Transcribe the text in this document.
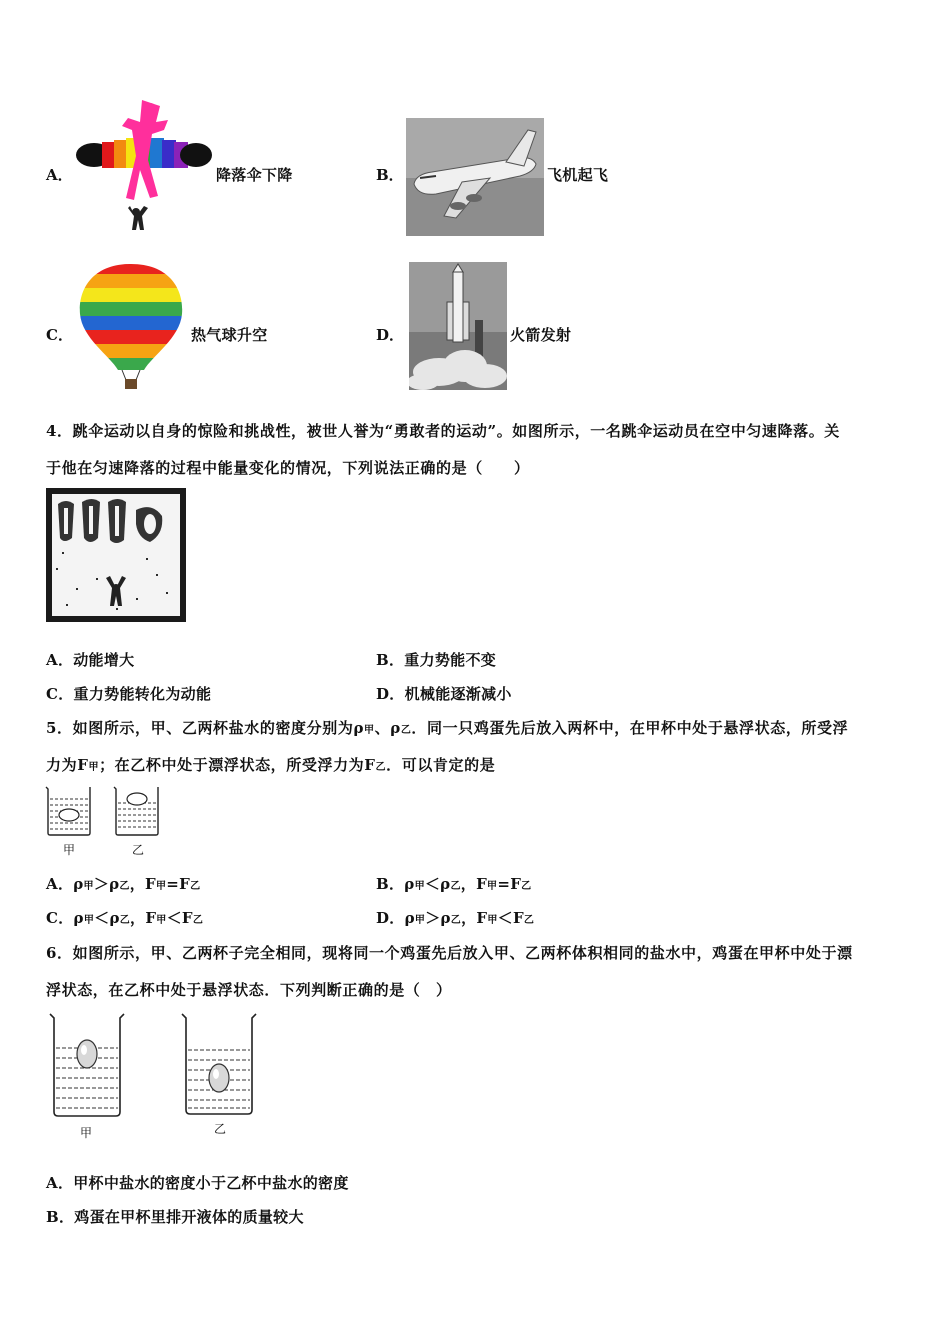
A．	降落伞下降	B．	飞机起飞
C．	热气球升空	D．	火箭发射
4．跳伞运动以自身的惊险和挑战性，被世人誉为“勇敢者的运动”。如图所示，一名跳伞运动员在空中匀速降落。关
于他在匀速降落的过程中能量变化的情况，下列说法正确的是（　　）
A．动能增大	B．重力势能不变
C．重力势能转化为动能	D．机械能逐渐减小
5．如图所示，甲、乙两杯盐水的密度分别为ρ甲、ρ乙．同一只鸡蛋先后放入两杯中，在甲杯中处于悬浮状态，所受浮
力为F甲；在乙杯中处于漂浮状态，所受浮力为F乙．可以肯定的是
甲	乙
A．ρ甲＞ρ乙，F甲=F乙	B．ρ甲＜ρ乙，F甲=F乙
C．ρ甲＜ρ乙，F甲＜F乙	D．ρ甲＞ρ乙，F甲＜F乙
6．如图所示，甲、乙两杯子完全相同，现将同一个鸡蛋先后放入甲、乙两杯体积相同的盐水中，鸡蛋在甲杯中处于漂
浮状态，在乙杯中处于悬浮状态．下列判断正确的是（　）
甲	乙
A．甲杯中盐水的密度小于乙杯中盐水的密度
B．鸡蛋在甲杯里排开液体的质量较大
